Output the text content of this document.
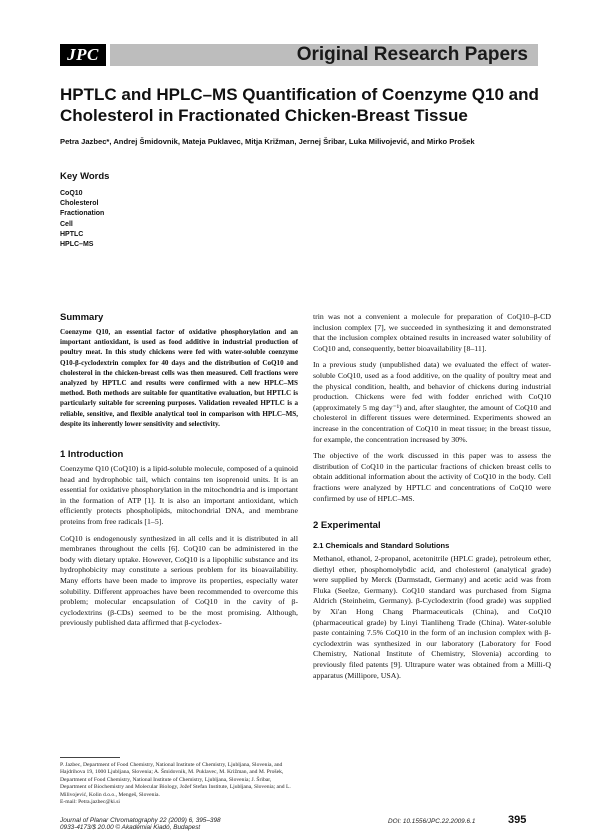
JPC	Original Research Papers
HPTLC and HPLC–MS Quantification of Coenzyme Q10 and Cholesterol in Fractionated Chicken-Breast Tissue
Petra Jazbec*, Andrej Šmidovnik, Mateja Puklavec, Mitja Križman, Jernej Šribar, Luka Milivojević, and Mirko Prošek
Key Words
CoQ10
Cholesterol
Fractionation
Cell
HPTLC
HPLC–MS
Summary

Coenzyme Q10, an essential factor of oxidative phosphorylation and an important antioxidant, is used as food additive in industrial production of poultry meat. In this study chickens were fed with water-soluble coenzyme Q10-β-cyclodextrin complex for 40 days and the distribution of CoQ10 and cholesterol in the chicken-breast cells was then measured. Cell fractions were analyzed by HPTLC and results were confirmed with a new HPLC–MS method. Both methods are suitable for quantitative evaluation, but HPTLC is particularly suitable for screening purposes. Validation revealed HPTLC is a reliable, sensitive, and flexible analytical tool in comparison with HPLC–MS, despite its inherently lower sensitivity and selectivity.

1 Introduction

Coenzyme Q10 (CoQ10) is a lipid-soluble molecule, composed of a quinoid head and hydrophobic tail, which contains ten isoprenoid units. It is an essential for oxidative phosphorylation in the mitochondria and is important in the formation of ATP [1]. It is also an important antioxidant, which efficiently protects phospholipids, mitochondrial DNA, and membrane proteins from free radicals [1–5].

CoQ10 is endogenously synthesized in all cells and it is distributed in all membranes throughout the cells [6]. CoQ10 can be administered in the body with dietary uptake. However, CoQ10 is a lipophilic substance and its hydrophobicity may constitute a serious problem for its bioavailability. Many efforts have been made to improve its properties, especially water solubility. Different approaches have been recommended to overcome this problem; molecular encapsulation of CoQ10 in the cavity of β-cyclodextrins (β-CDs) seemed to be the most promising. Although, previously published data affirmed that β-cyclodex-

trin was not a convenient a molecule for preparation of CoQ10–β-CD inclusion complex [7], we succeeded in synthesizing it and demonstrated that the inclusion complex obtained results in increased water solubility of CoQ10 and, consequently, better bioavailability [8–11].

In a previous study (unpublished data) we evaluated the effect of water-soluble CoQ10, used as a food additive, on the quality of poultry meat and the physical condition, health, and behavior of chickens during industrial production. Chickens were fed with fodder enriched with CoQ10 (approximately 5 mg day⁻¹) and, after slaughter, the amount of CoQ10 and cholesterol in different tissues were determined. Experiments showed an increase in the concentration of CoQ10 in meat tissue; in the breast tissue, for example, the concentration increased by 30%.

The objective of the work discussed in this paper was to assess the distribution of CoQ10 in the particular fractions of chicken breast cells to obtain additional information about the activity of CoQ10 in the body. Cell fractions were analyzed by HPTLC and concentrations of CoQ10 were confirmed by use of HPLC–MS.

2 Experimental
2.1 Chemicals and Standard Solutions

Methanol, ethanol, 2-propanol, acetonitrile (HPLC grade), petroleum ether, diethyl ether, phosphomolybdic acid, and cholesterol (analytical grade) were supplied by Merck (Darmstadt, Germany) and acetic acid was from Fluka (Seelze, Germany). CoQ10 standard was purchased from Sigma Aldrich (Steinheim, Germany). β-Cyclodextrin (food grade) was supplied by Xi'an Hong Chang Pharmaceuticals (China), and CoQ10 (pharmaceutical grade) by Linyi Tianliheng Trade (China). Water-soluble paste containing 7.5% CoQ10 in the form of an inclusion complex with β-cyclodextrin was synthesized in our laboratory (Laboratory for Food Chemistry, National Institute of Chemistry, Slovenia) according to previously filed patents [9]. Ultrapure water was obtained from a Milli-Q apparatus (Millipore, USA).

P. Jazbec, Department of Food Chemistry, National Institute of Chemistry, Ljubljana, Slovenia, and Hajdrihova 19, 1000 Ljubljana, Slovenia; A. Šmidovnik, M. Puklavec, M. Križman, and M. Prošek, Department of Food Chemistry, National Institute of Chemistry, Ljubljana, Slovenia; J. Šribar, Department of Biochemistry and Molecular Biology, Jožef Stefan Institute, Ljubljana, Slovenia; and L. Milivojević, Kolin d.o.o., Mengeš, Slovenia.
E-mail: Petra.jazbec@ki.si
Journal of Planar Chromatography 22 (2009) 6, 395–398
0933-4173/$ 20.00 © Akadémiai Kiadó, Budapest
DOI: 10.1556/JPC.22.2009.6.1	395
